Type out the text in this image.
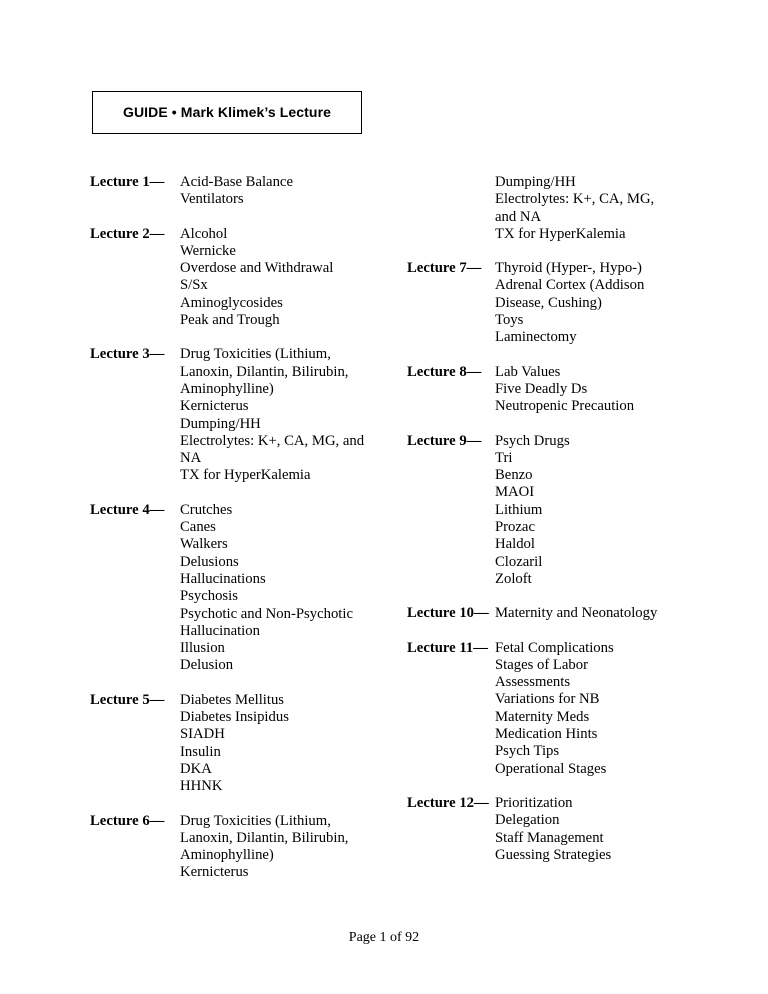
GUIDE • Mark Klimek’s Lecture
Lecture 1—	Acid-Base Balance
Ventilators
Lecture 2—	Alcohol
Wernicke
Overdose and Withdrawal
S/Sx
Aminoglycosides
Peak and Trough
Lecture 3—	Drug Toxicities (Lithium, Lanoxin, Dilantin, Bilirubin, Aminophylline)
Kernicterus
Dumping/HH
Electrolytes: K+, CA, MG, and NA
TX for HyperKalemia
Lecture 4—	Crutches
Canes
Walkers
Delusions
Hallucinations
Psychosis
Psychotic and Non-Psychotic Hallucination
Illusion
Delusion
Lecture 5—	Diabetes Mellitus
Diabetes Insipidus
SIADH
Insulin
DKA
HHNK
Lecture 6—	Drug Toxicities (Lithium, Lanoxin, Dilantin, Bilirubin, Aminophylline)
Kernicterus
Dumping/HH
Electrolytes: K+, CA, MG, and NA
TX for HyperKalemia
Lecture 7— Thyroid (Hyper-, Hypo-)
Adrenal Cortex (Addison Disease, Cushing)
Toys
Laminectomy
Lecture 8— Lab Values
Five Deadly Ds
Neutropenic Precaution
Lecture 9— Psych Drugs
Tri
Benzo
MAOI
Lithium
Prozac
Haldol
Clozaril
Zoloft
Lecture 10— Maternity and Neonatology
Lecture 11— Fetal Complications
Stages of Labor
Assessments
Variations for NB
Maternity Meds
Medication Hints
Psych Tips
Operational Stages
Lecture 12— Prioritization
Delegation
Staff Management
Guessing Strategies
Page 1 of 92
